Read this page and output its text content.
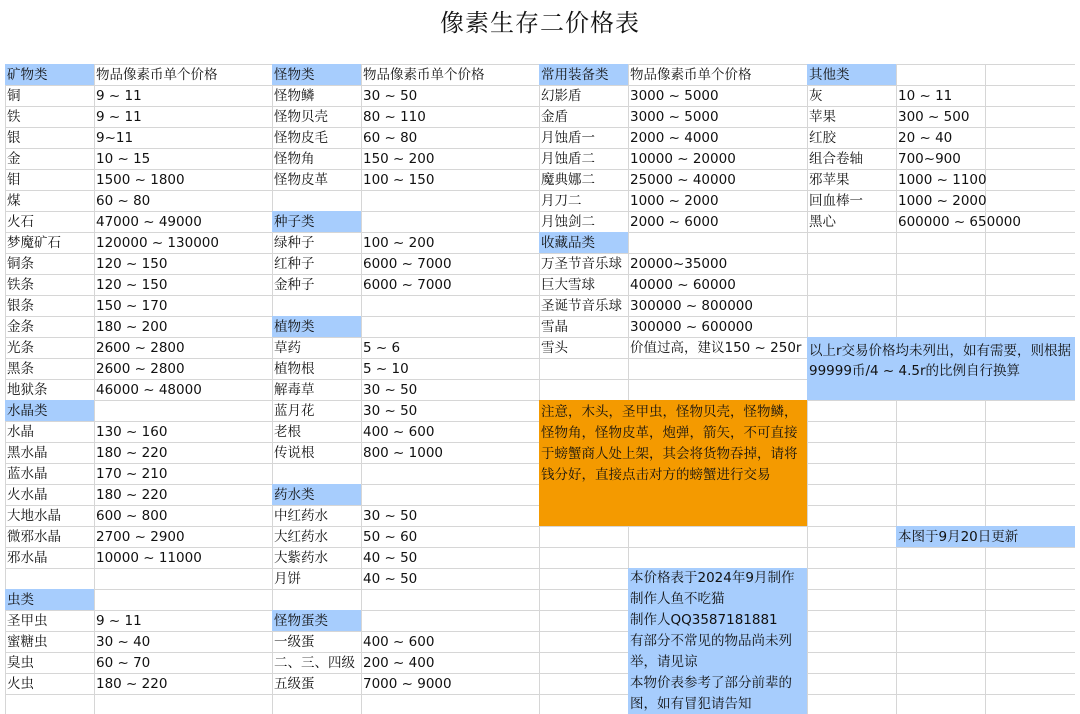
像素生存二价格表
矿物类	物品像素币单个价格
铜	9 ~ 11
铁	9 ~ 11
银	9~11
金	10 ~ 15
钼	1500 ~ 1800
煤	60 ~ 80
火石	47000 ~ 49000
梦魔矿石	120000 ~ 130000
铜条	120 ~ 150
铁条	120 ~ 150
银条	150 ~ 170
金条	180 ~ 200
光条	2600 ~ 2800
黑条	2600 ~ 2800
地狱条	46000 ~ 48000
水晶类
水晶	130 ~ 160
黑水晶	180 ~ 220
蓝水晶	170 ~ 210
火水晶	180 ~ 220
大地水晶	600 ~ 800
微邪水晶	2700 ~ 2900
邪水晶	10000 ~ 11000
虫类
圣甲虫	9 ~ 11
蜜糖虫	30 ~ 40
臭虫	60 ~ 70
火虫	180 ~ 220
怪物类	物品像素币单个价格
怪物鳞	30 ~ 50
怪物贝壳	80 ~ 110
怪物皮毛	60 ~ 80
怪物角	150 ~ 200
怪物皮革	100 ~ 150
种子类
绿种子	100 ~ 200
红种子	6000 ~ 7000
金种子	6000 ~ 7000
植物类
草药	5 ~ 6
植物根	5 ~ 10
解毒草	30 ~ 50
蓝月花	30 ~ 50
老根	400 ~ 600
传说根	800 ~ 1000
药水类
中红药水	30 ~ 50
大红药水	50 ~ 60
大紫药水	40 ~ 50
月饼	40 ~ 50
怪物蛋类
一级蛋	400 ~ 600
二、三、四级 200 ~ 400
五级蛋	7000 ~ 9000
常用装备类 物品像素币单个价格
幻影盾	3000 ~ 5000
金盾	3000 ~ 5000
月蚀盾一	2000 ~ 4000
月蚀盾二	10000 ~ 20000
魔典娜二	25000 ~ 40000
月刀二	1000 ~ 2000
月蚀剑二	2000 ~ 6000
收藏品类
万圣节音乐球 20000~35000
巨大雪球	40000 ~ 60000
圣诞节音乐球 300000 ~ 800000
雪晶	300000 ~ 600000
雪头	价值过高，建议150 ~ 250r
其他类
灰	10 ~ 11
苹果	300 ~ 500
红胶	20 ~ 40
组合卷轴	700~900
邪苹果	1000 ~ 1100
回血棒一	1000 ~ 2000
黑心	600000 ~ 650000
注意，木头，圣甲虫，怪物贝壳，怪物鳞，怪物角，怪物皮革，炮弹，箭矢，不可直接于螃蟹商人处上架，其会将货物吞掉，请将钱分好，直接点击对方的螃蟹进行交易
以上r交易价格均未列出，如有需要，则根据
99999币/4 ~ 4.5r的比例自行换算
本图于9月20日更新
本价格表于2024年9月制作
制作人鱼不吃猫
制作人QQ3587181881
有部分不常见的物品尚未列举，请见谅
本物价表参考了部分前辈的图，如有冒犯请告知
